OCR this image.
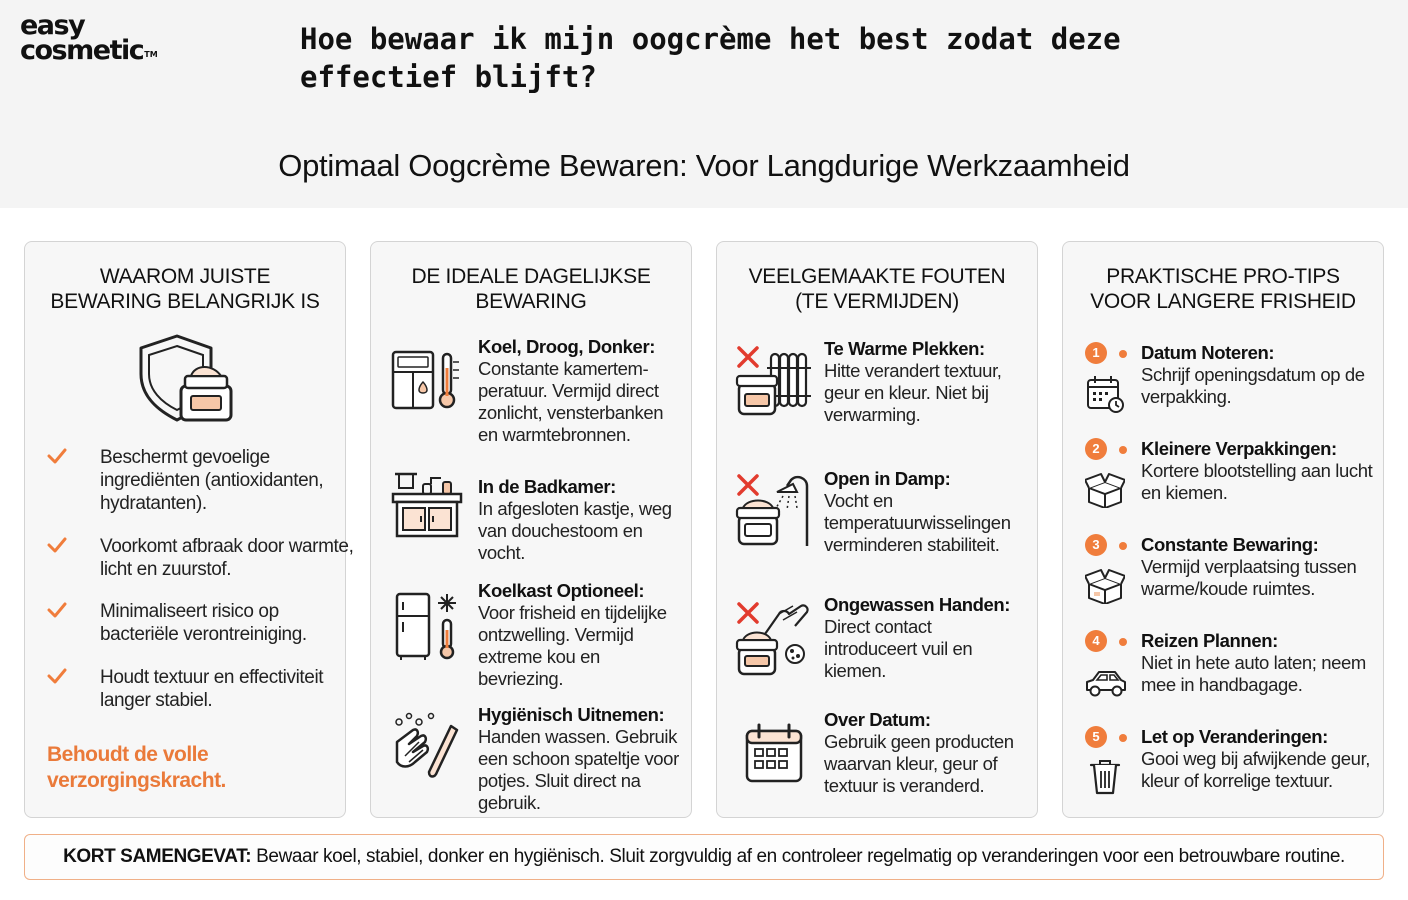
easy
cosmetic™	Hoe bewaar ik mijn oogcrème het best zodat deze effectief blijft?
Optimaal Oogcrème Bewaren: Voor Langdurige Werkzaamheid
WAAROM JUISTE
BEWARING BELANGRIJK IS
Beschermt gevoelige ingrediënten (antioxidanten, hydratanten).
Voorkomt afbraak door warmte, licht en zuurstof.
Minimaliseert risico op bacteriële verontreiniging.
Houdt textuur en effectiviteit langer stabiel.
Behoudt de volle verzorgingskracht.
DE IDEALE DAGELIJKSE
BEWARING
Koel, Droog, Donker:
Constante kamertem-peratuur. Vermijd direct zonlicht, vensterbanken en warmtebronnen.
In de Badkamer:
In afgesloten kastje, weg van douchestoom en vocht.
Koelkast Optioneel:
Voor frisheid en tijdelijke ontzwelling. Vermijd extreme kou en bevriezing.
Hygiënisch Uitnemen:
Handen wassen. Gebruik een schoon spateltje voor potjes. Sluit direct na gebruik.
VEELGEMAAKTE FOUTEN
(TE VERMIJDEN)
Te Warme Plekken:
Hitte verandert textuur, geur en kleur. Niet bij verwarming.
Open in Damp:
Vocht en temperatuurwisselingen verminderen stabiliteit.
Ongewassen Handen:
Direct contact introduceert vuil en kiemen.
Over Datum:
Gebruik geen producten waarvan kleur, geur of textuur is veranderd.
PRAKTISCHE PRO-TIPS
VOOR LANGERE FRISHEID
1	Datum Noteren:
Schrijf openingsdatum op de verpakking.
2	Kleinere Verpakkingen:
Kortere blootstelling aan lucht en kiemen.
3	Constante Bewaring:
Vermijd verplaatsing tussen warme/koude ruimtes.
4	Reizen Plannen:
Niet in hete auto laten; neem mee in handbagage.
5	Let op Veranderingen:
Gooi weg bij afwijkende geur, kleur of korrelige textuur.
KORT SAMENGEVAT: Bewaar koel, stabiel, donker en hygiënisch. Sluit zorgvuldig af en controleer regelmatig op veranderingen voor een betrouwbare routine.
